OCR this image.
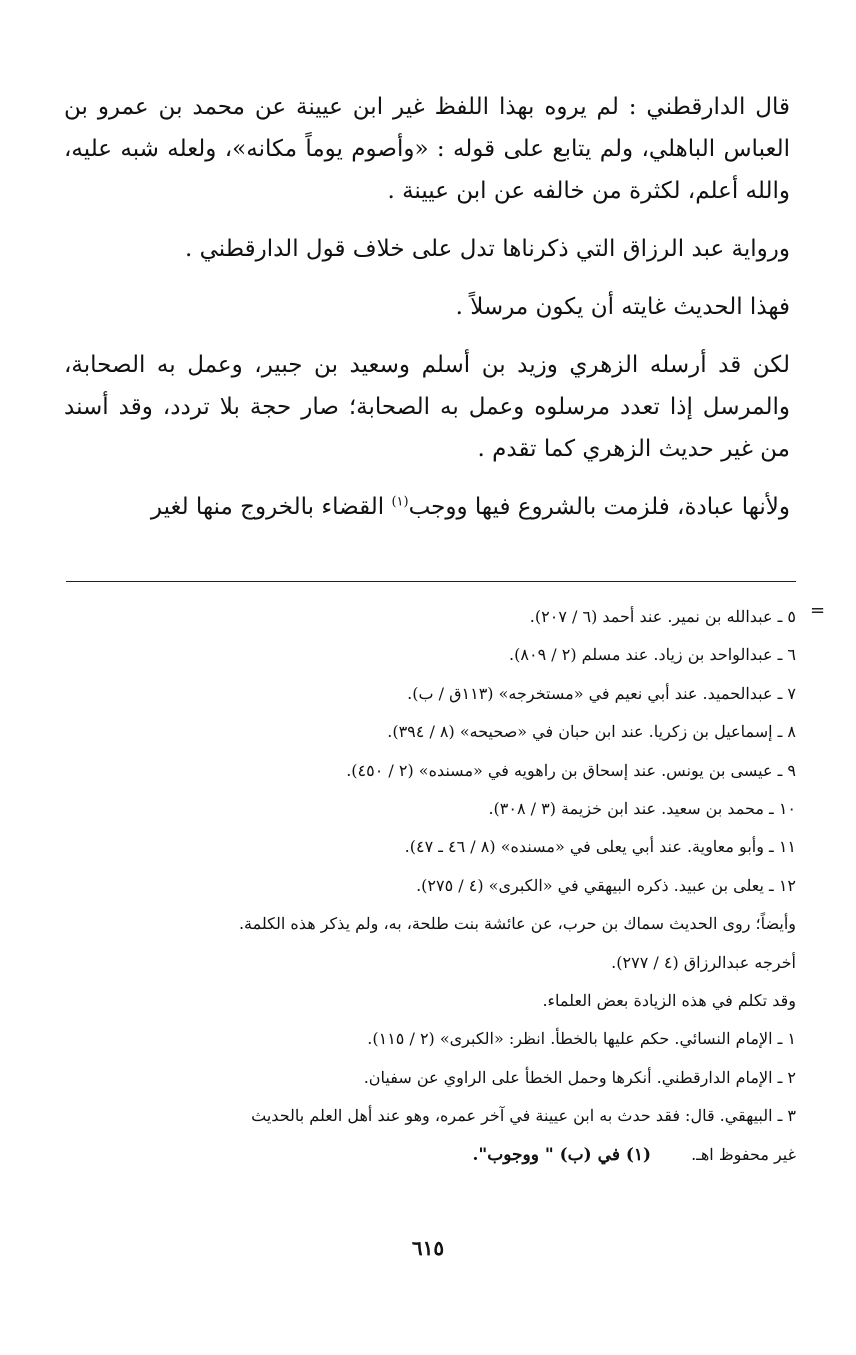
قال الدارقطني : لم يروه بهذا اللفظ غير ابن عيينة عن محمد بن عمرو بن العباس الباهلي، ولم يتابع على قوله : «وأصوم يوماً مكانه»، ولعله شبه عليه، والله أعلم، لكثرة من خالفه عن ابن عيينة .

ورواية عبد الرزاق التي ذكرناها تدل على خلاف قول الدارقطني .

فهذا الحديث غايته أن يكون مرسلاً .

لكن قد أرسله الزهري وزيد بن أسلم وسعيد بن جبير، وعمل به الصحابة، والمرسل إذا تعدد مرسلوه وعمل به الصحابة؛ صار حجة بلا تردد، وقد أسند من غير حديث الزهري كما تقدم .

ولأنها عبادة، فلزمت بالشروع فيها ووجب$^{(١)}$ القضاء بالخروج منها لغير

٥ ـ عبدالله بن نمير. عند أحمد (٦ / ٢٠٧).

٦ ـ عبدالواحد بن زياد. عند مسلم (٢ / ٨٠٩).

٧ ـ عبدالحميد. عند أبي نعيم في «مستخرجه» (١١٣ق / ب).

٨ ـ إسماعيل بن زكريا. عند ابن حبان في «صحيحه» (٨ / ٣٩٤).

٩ ـ عيسى بن يونس. عند إسحاق بن راهويه في «مسنده» (٢ / ٤٥٠).

١٠ ـ محمد بن سعيد. عند ابن خزيمة (٣ / ٣٠٨).

١١ ـ وأبو معاوية. عند أبي يعلى في «مسنده» (٨ / ٤٦ ـ ٤٧).

١٢ ـ يعلى بن عبيد. ذكره البيهقي في «الكبرى» (٤ / ٢٧٥).

وأيضاً؛ روى الحديث سماك بن حرب، عن عائشة بنت طلحة، به، ولم يذكر هذه الكلمة.

أخرجه عبدالرزاق (٤ / ٢٧٧).

وقد تكلم في هذه الزيادة بعض العلماء.

١ ـ الإمام النسائي. حكم عليها بالخطأ. انظر: «الكبرى» (٢ / ١١٥).

٢ ـ الإمام الدارقطني. أنكرها وحمل الخطأ على الراوي عن سفيان.

٣ ـ البيهقي. قال: فقد حدث به ابن عيينة في آخر عمره، وهو عند أهل العلم بالحديث

غير محفوظ اهـ.
(١) في (ب) " ووجوب".
=
٦١٥
